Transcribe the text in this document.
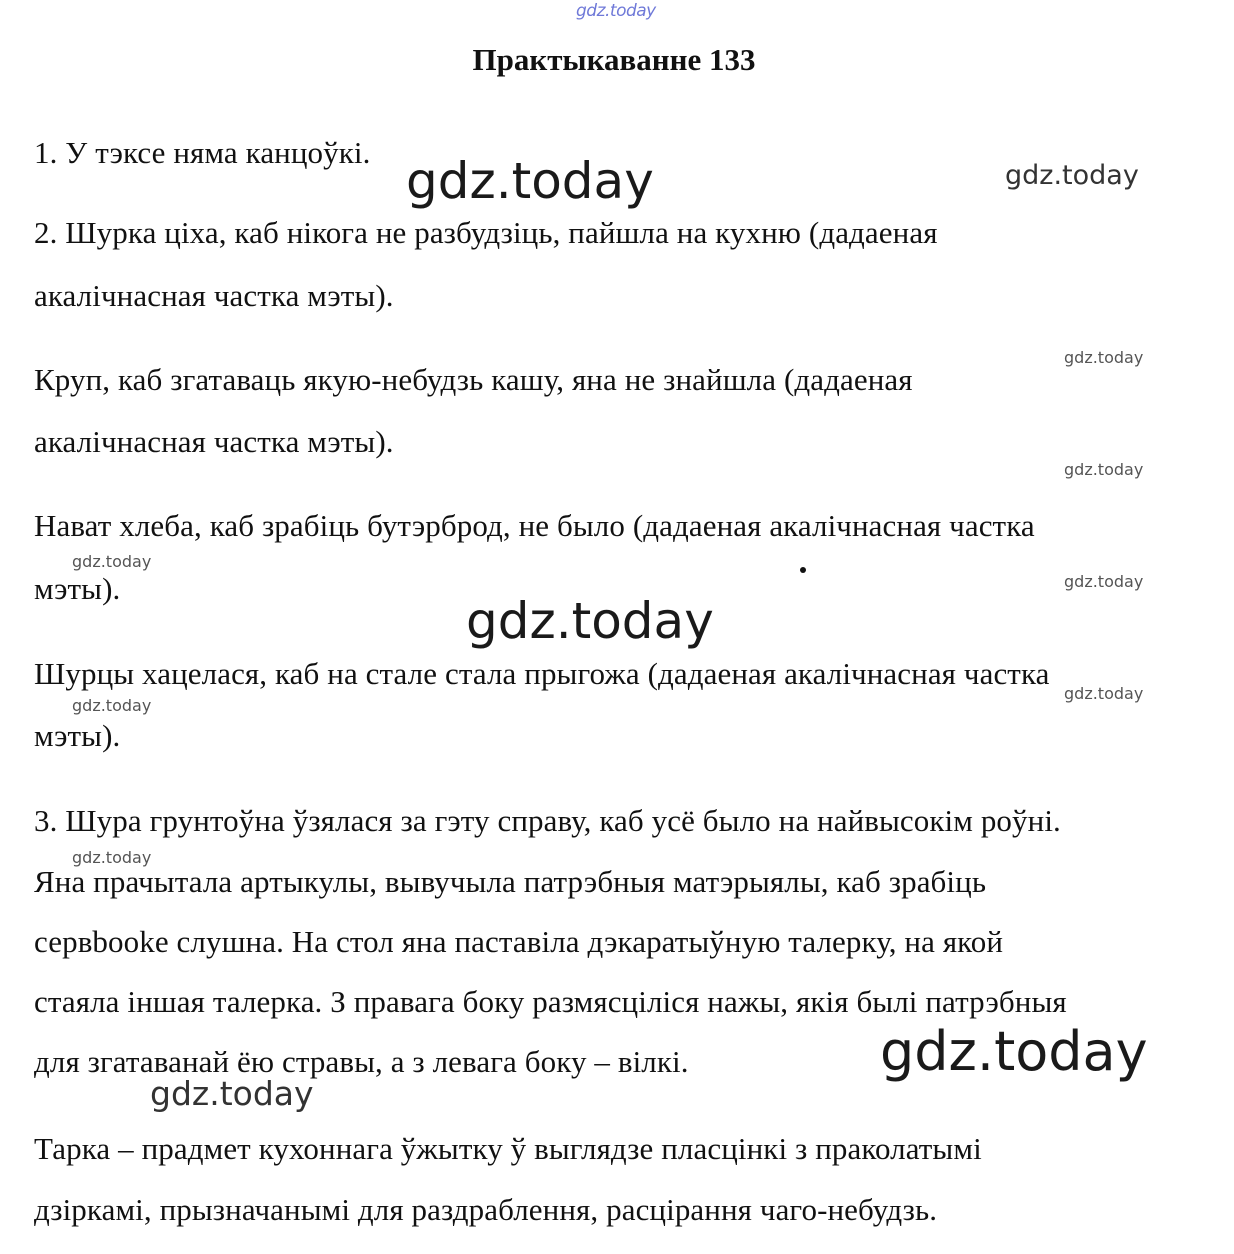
gdz.today
Практыкаванне 133
1. У тэксе няма канцоўкі.
2. Шурка ціха, каб нікога не разбудзіць, пайшла на кухню (дадаеная
акалічнасная частка мэты).
Круп, каб згатаваць якую-небудзь кашу, яна не знайшла (дадаеная
акалічнасная частка мэты).
Нават хлеба, каб зрабіць бутэрброд, не было (дадаеная акалічнасная частка
мэты).
Шурцы хацелася, каб на стале стала прыгожа (дадаеная акалічнасная частка
мэты).
3. Шура грунтоўна ўзялася за гэту справу, каб усё было на найвысокім роўні.
Яна прачытала артыкулы, вывучыла патрэбныя матэрыялы, каб зрабіць
сервbooke слушна. На стол яна паставіла дэкаратыўную талерку, на якой
стаяла іншая талерка. З правага боку размясціліся нажы, якія былі патрэбныя
для згатаванай ёю стравы, а з левага боку – вілкі.
Тарка – прадмет кухоннага ўжытку ў выглядзе пласцінкі з праколатымі
дзіркамі, прызначанымі для раздраблення, расцірання чаго-небудзь.
gdz.today	gdz.today
gdz.today
gdz.today
gdz.today
gdz.today
gdz.today
gdz.today
gdz.today
gdz.today
gdz.today
gdz.today
